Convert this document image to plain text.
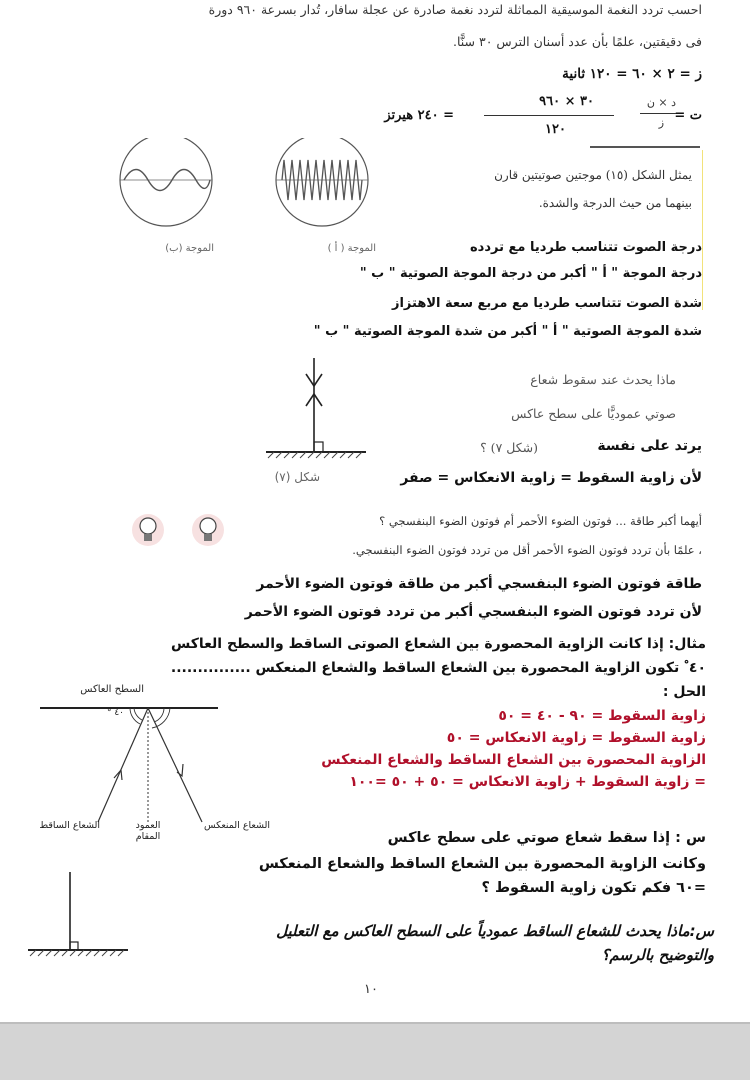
احسب تردد النغمة الموسيقية المماثلة لتردد نغمة صادرة عن عجلة سافار، تُدار بسرعة ٩٦٠ دورة
فى دقيقتين، علمًا بأن عدد أسنان الترس ٣٠ سنًّا.
ز = ٢ × ٦٠ = ١٢٠ ثانية
ت =
د × ن
ز
٣٠ × ٩٦٠
١٢٠
= ٢٤٠ هيرتز
يمثل الشكل (١٥) موجتين صوتيتين قارن
بينهما من حيث الدرجة والشدة.
الموجة (ب)	الموجة ( أ )	درجة الصوت تتناسب طرديا مع تردده
درجة الموجة " أ " أكبر من درجة الموجة الصوتية " ب "
شدة الصوت تتناسب طرديا مع مربع سعة الاهتزاز
شدة الموجة الصوتية " أ " أكبر من شدة الموجة الصوتية " ب "
ماذا يحدث عند سقوط شعاع
صوتي عموديًّا على سطح عاكس
(شكل ٧) ؟	يرتد على نفسة
لأن زاوية السقوط = زاوية الانعكاس = صفر
شكل (٧)
أيهما أكبر طاقة ... فوتون الضوء الأحمر أم فوتون الضوء البنفسجي ؟
، علمًا بأن تردد فوتون الضوء الأحمر أقل من تردد فوتون الضوء البنفسجي.
طاقة فوتون الضوء البنفسجي أكبر من طاقة فوتون الضوء الأحمر
لأن تردد فوتون الضوء البنفسجي أكبر من تردد فوتون الضوء الأحمر
مثال: إذا كانت الزاوية المحصورة بين الشعاع الصوتى الساقط والسطح العاكس
٤٠ ْ تكون الزاوية المحصورة بين الشعاع الساقط والشعاع المنعكس ...............
الحل :
السطح العاكس
٤٠ °
الشعاع الساقط	العمود المقام
الشعاع المنعكس
زاوية السقوط = ٩٠ - ٤٠ = ٥٠
زاوية السقوط = زاوية الانعكاس = ٥٠
الزاوية المحصورة بين الشعاع الساقط والشعاع المنعكس
= زاوية السقوط + زاوية الانعكاس = ٥٠ + ٥٠ =١٠٠
س : إذا سقط شعاع صوتي على سطح عاكس
وكانت الزاوية المحصورة بين الشعاع الساقط والشعاع المنعكس
=٦٠ فكم تكون زاوية السقوط ؟
س:ماذا يحدث للشعاع الساقط عمودياً على السطح العاكس مع التعليل
والتوضيح بالرسم؟
١٠
